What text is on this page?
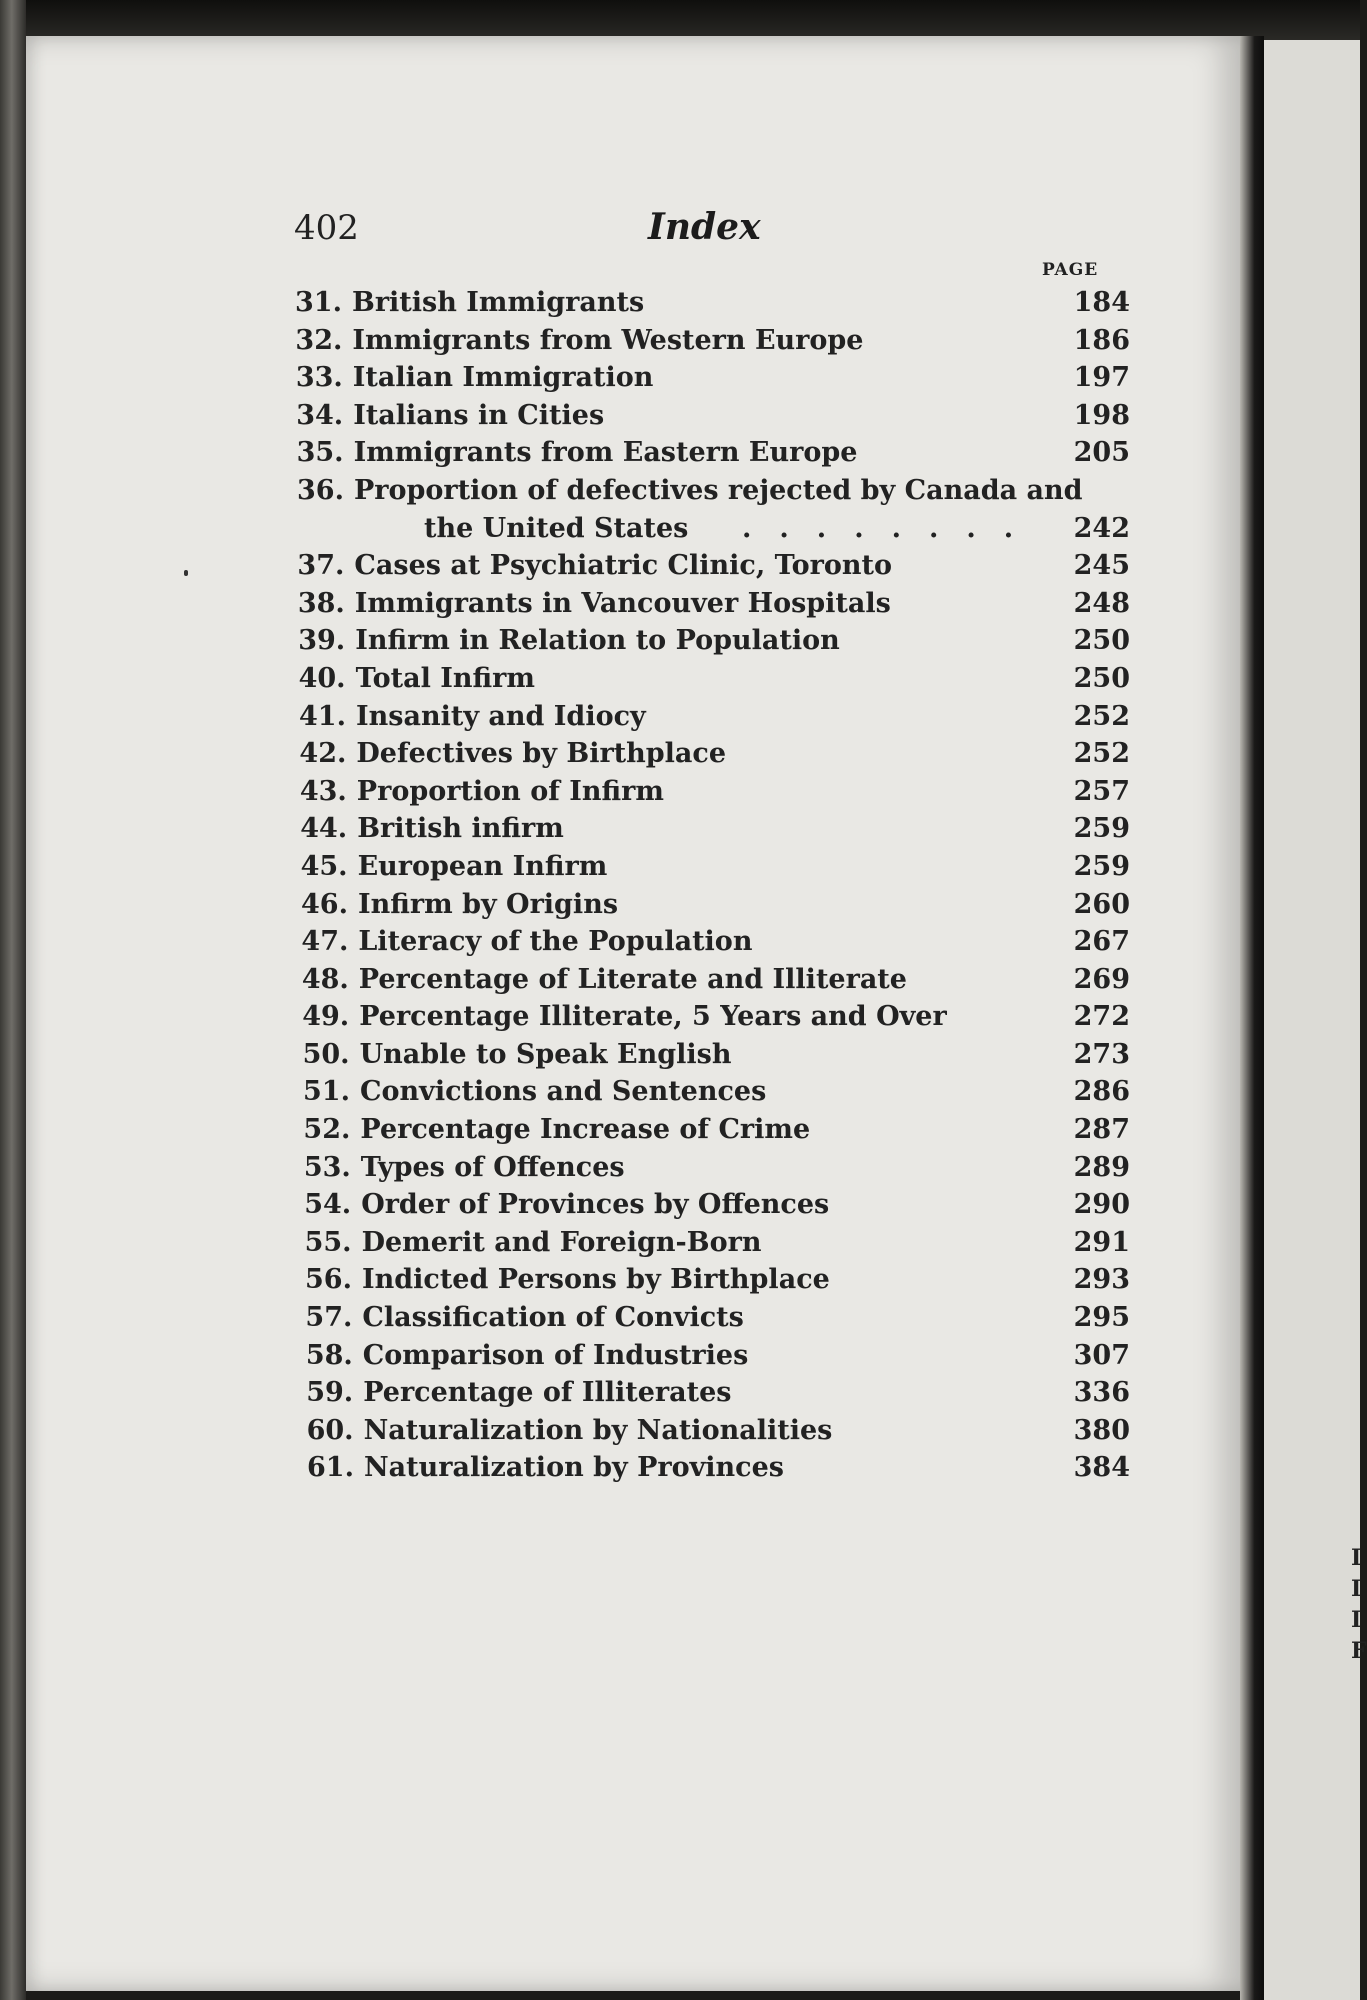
I
I
I
F
402	Index
PAGE
31. British Immigrants	184
32. Immigrants from Western Europe	186
33. Italian Immigration	197
34. Italians in Cities	198
35. Immigrants from Eastern Europe	205
36. Proportion of defectives rejected by Canada and
the United States ........ 242
37. Cases at Psychiatric Clinic, Toronto	245
38. Immigrants in Vancouver Hospitals	248
39. Infirm in Relation to Population	250
40. Total Infirm	250
41. Insanity and Idiocy	252
42. Defectives by Birthplace	252
43. Proportion of Infirm	257
44. British infirm	259
45. European Infirm	259
46. Infirm by Origins	260
47. Literacy of the Population	267
48. Percentage of Literate and Illiterate	269
49. Percentage Illiterate, 5 Years and Over	272
50. Unable to Speak English	273
51. Convictions and Sentences	286
52. Percentage Increase of Crime	287
53. Types of Offences	289
54. Order of Provinces by Offences	290
55. Demerit and Foreign-Born	291
56. Indicted Persons by Birthplace	293
57. Classification of Convicts	295
58. Comparison of Industries	307
59. Percentage of Illiterates	336
60. Naturalization by Nationalities	380
61. Naturalization by Provinces	384
